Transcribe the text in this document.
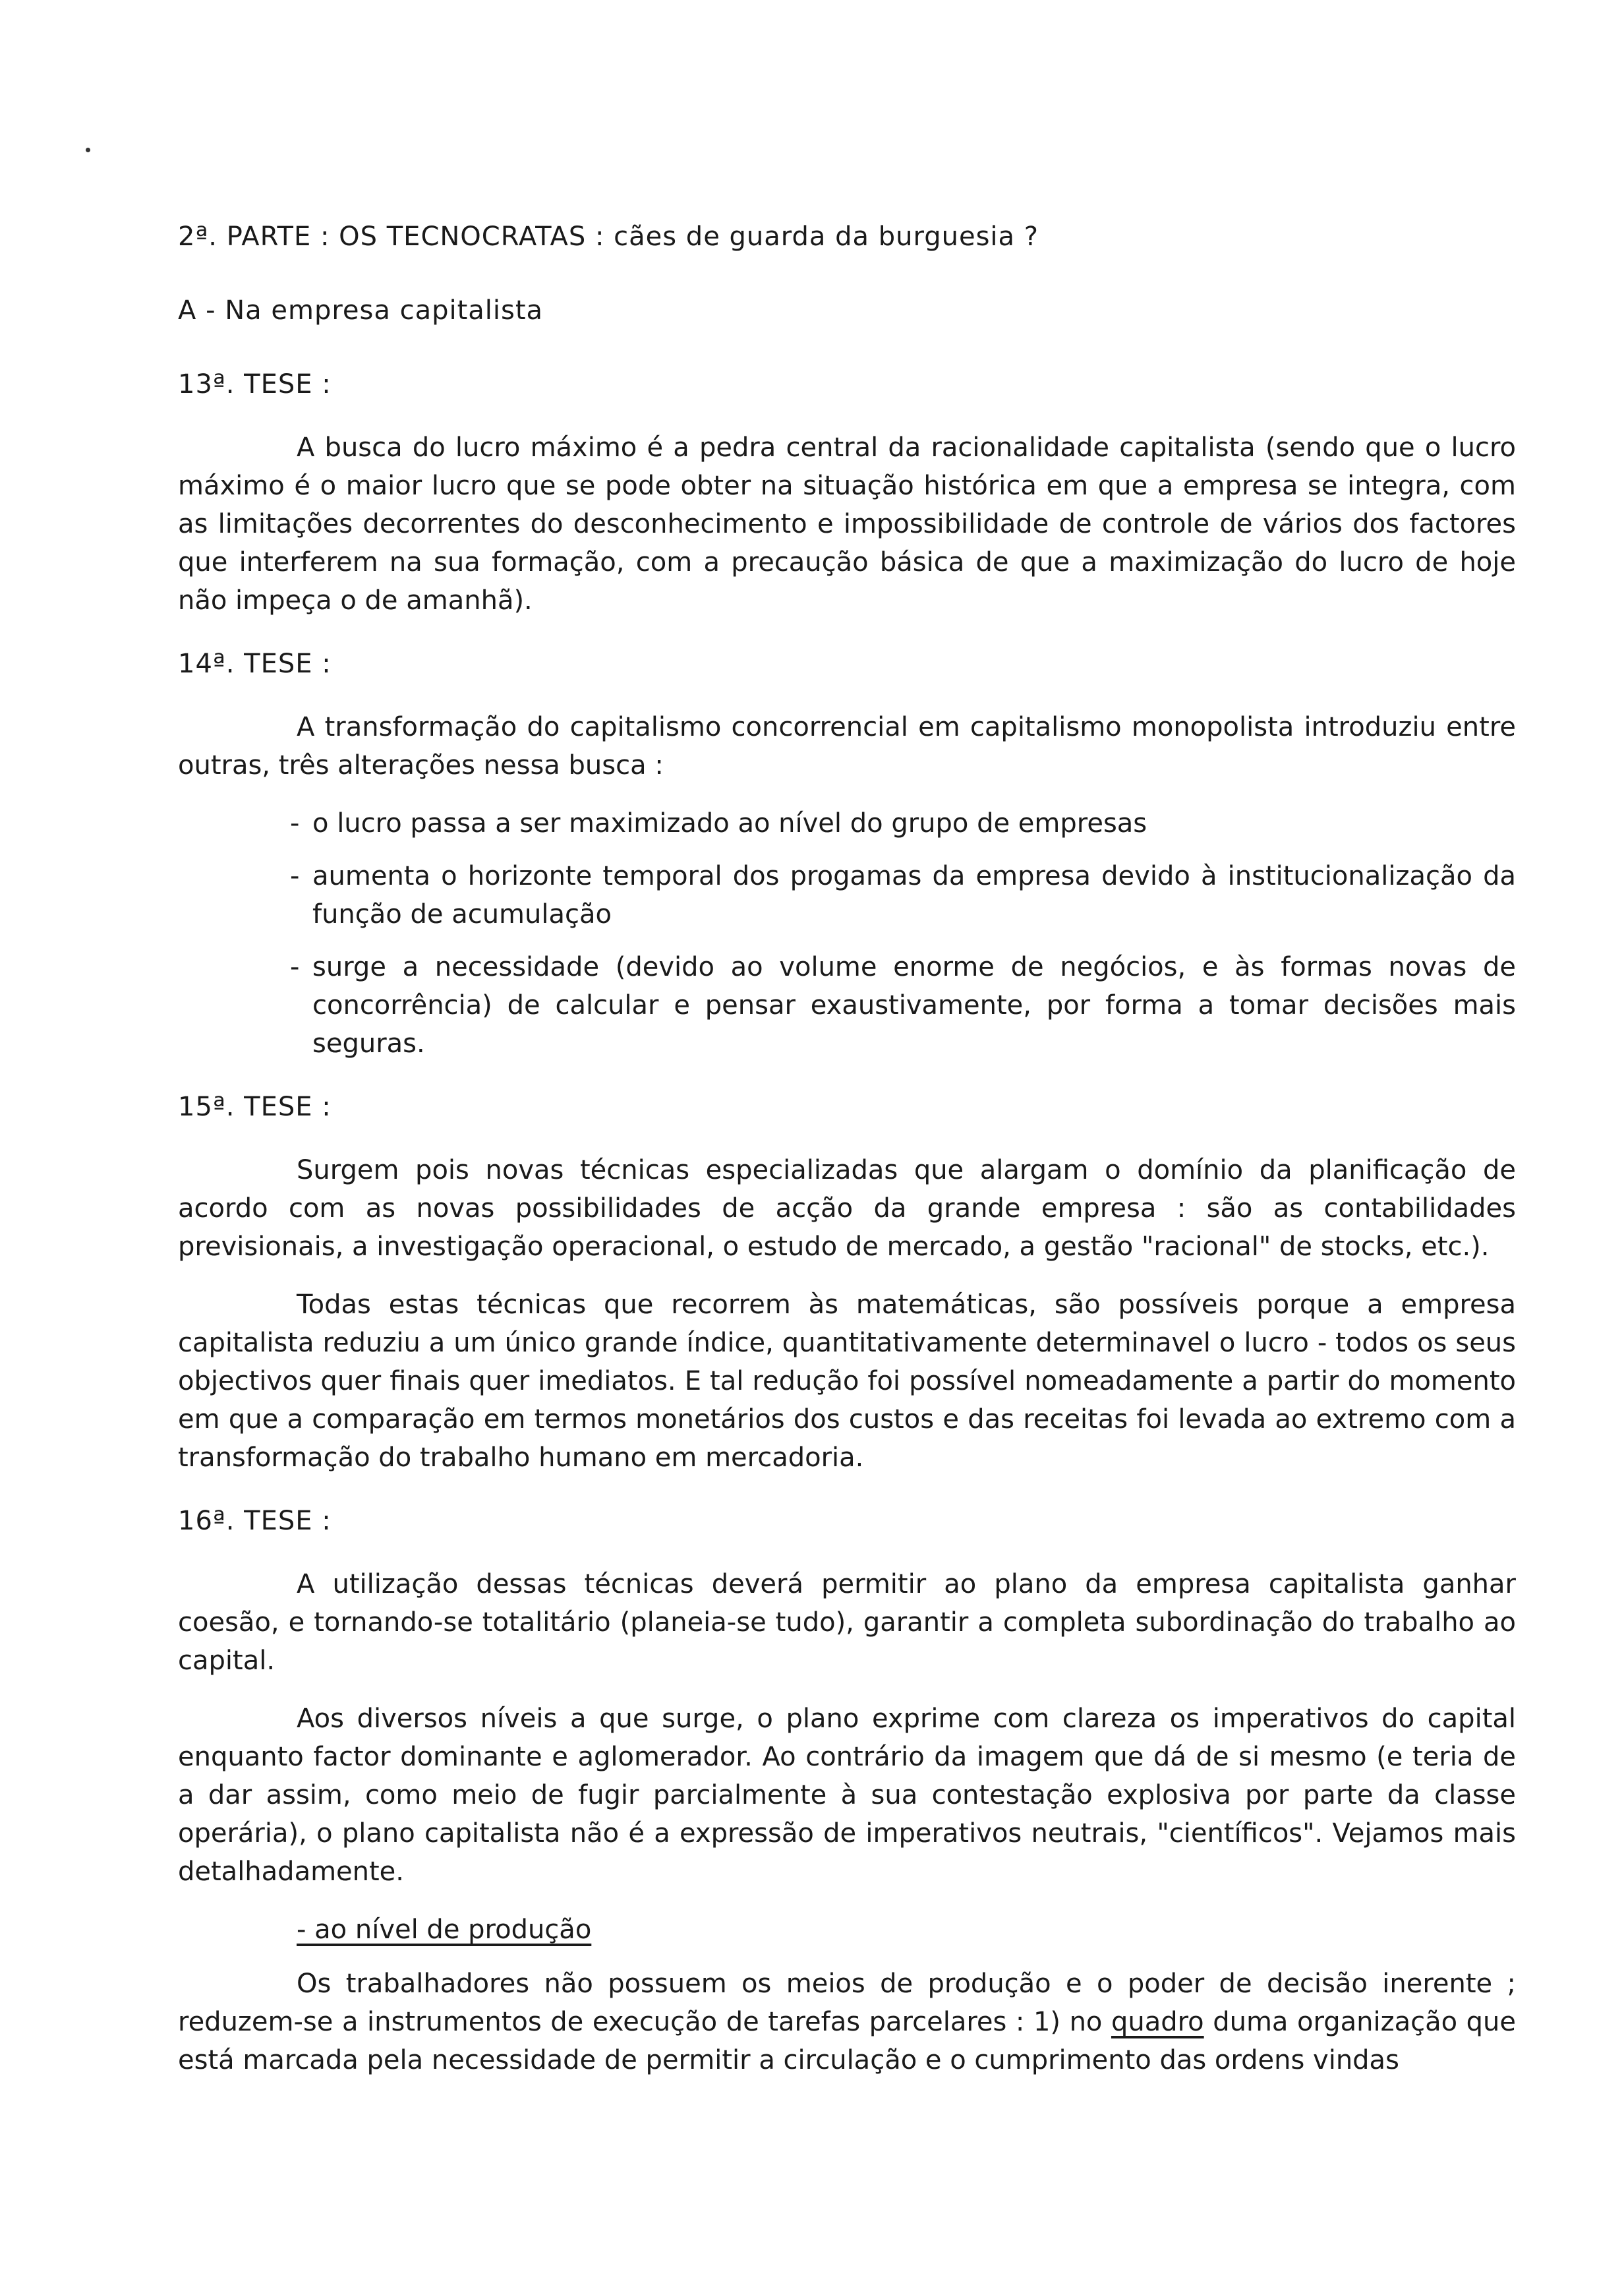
2ª. PARTE : OS TECNOCRATAS : cães de guarda da burguesia ?

A - Na empresa capitalista

13ª. TESE :

A busca do lucro máximo é a pedra central da racionalidade capitalista (sendo que o lucro máximo é o maior lucro que se pode obter na situação histórica em que a empresa se integra, com as limitações decorrentes do desconhecimento e impossibilidade de controle de vários dos factores que interferem na sua formação, com a precaução básica de que a maximização do lucro de hoje não impeça o de amanhã).

14ª. TESE :

A transformação do capitalismo concorrencial em capitalismo monopolista introduziu entre outras, três alterações nessa busca :

- o lucro passa a ser maximizado ao nível do grupo de empresas
- aumenta o horizonte temporal dos progamas da empresa devido à institucionalização da função de acumulação
- surge a necessidade (devido ao volume enorme de negócios, e às formas novas de concorrência) de calcular e pensar exaustivamente, por forma a tomar decisões mais seguras.

15ª. TESE :

Surgem pois novas técnicas especializadas que alargam o domínio da planificação de acordo com as novas possibilidades de acção da grande empresa : são as contabilidades previsionais, a investigação operacional, o estudo de mercado, a gestão "racional" de stocks, etc.).

Todas estas técnicas que recorrem às matemáticas, são possíveis porque a empresa capitalista reduziu a um único grande índice, quantitativamente determinavel o lucro - todos os seus objectivos quer finais quer imediatos. E tal redução foi possível nomeadamente a partir do momento em que a comparação em termos monetários dos custos e das receitas foi levada ao extremo com a transformação do trabalho humano em mercadoria.

16ª. TESE :

A utilização dessas técnicas deverá permitir ao plano da empresa capitalista ganhar coesão, e tornando-se totalitário (planeia-se tudo), garantir a completa subordinação do trabalho ao capital.

Aos diversos níveis a que surge, o plano exprime com clareza os imperativos do capital enquanto factor dominante e aglomerador. Ao contrário da imagem que dá de si mesmo (e teria de a dar assim, como meio de fugir parcialmente à sua contestação explosiva por parte da classe operária), o plano capitalista não é a expressão de imperativos neutrais, "científicos". Vejamos mais detalhadamente.

- ao nível de produção

Os trabalhadores não possuem os meios de produção e o poder de decisão inerente ; reduzem-se a instrumentos de execução de tarefas parcelares : 1) no quadro duma organização que está marcada pela necessidade de permitir a circulação e o cumprimento das ordens vindas
